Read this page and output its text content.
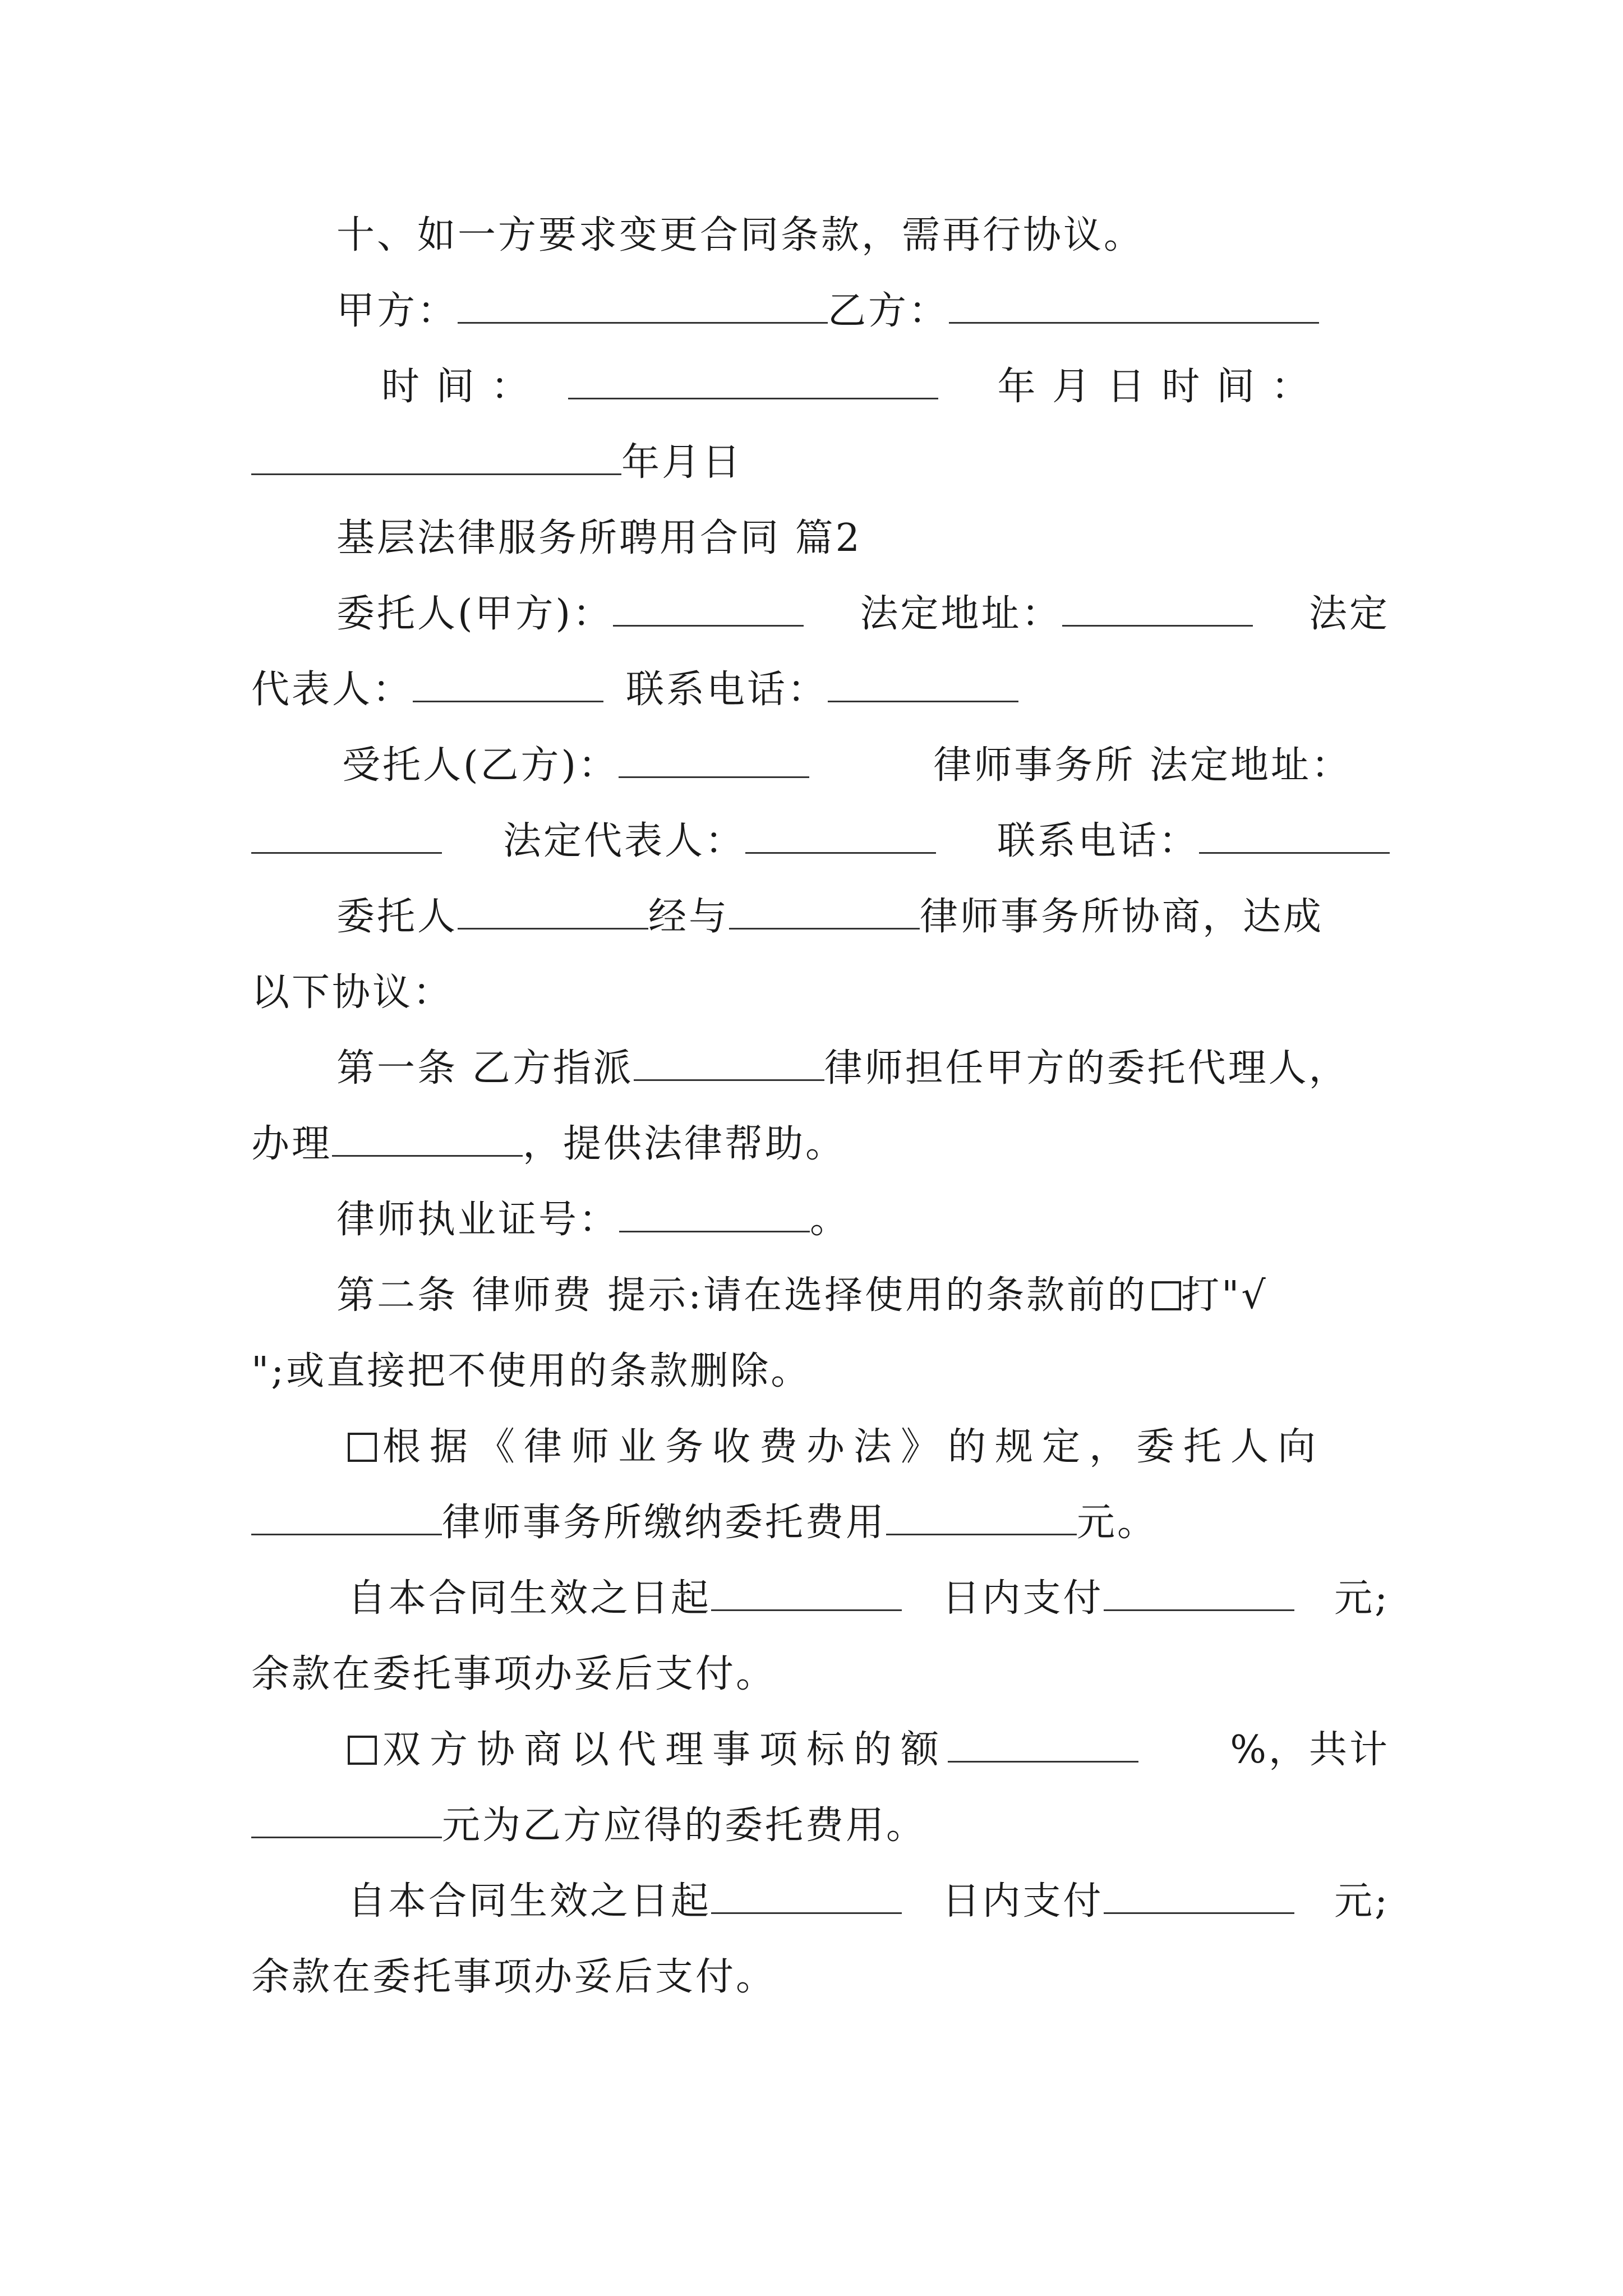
十、如一方要求变更合同条款，需再行协议。
甲方：	乙方：
时 间 ：	年 月 日 时 间 ：
年月日
基层法律服务所聘用合同 篇2
委托人(甲方)：	法定地址：	法定
代表人：	联系电话：
受托人(乙方)：	律师事务所 法定地址：
法定代表人：	联系电话：
委托人	经与	律师事务所协商，达成
以下协议：
第一条 乙方指派	律师担任甲方的委托代理人，
办理	，提供法律帮助。
律师执业证号：	。
第二条 律师费 提示:请在选择使用的条款前的 打"√
";或直接把不使用的条款删除。
根据《律师业务收费办法》的规定，委托人向
律师事务所缴纳委托费用	元。
自本合同生效之日起	日内支付	元;
余款在委托事项办妥后支付。
双方协商以代理事项标的额	%，共计
元为乙方应得的委托费用。
自本合同生效之日起	日内支付	元;
余款在委托事项办妥后支付。
